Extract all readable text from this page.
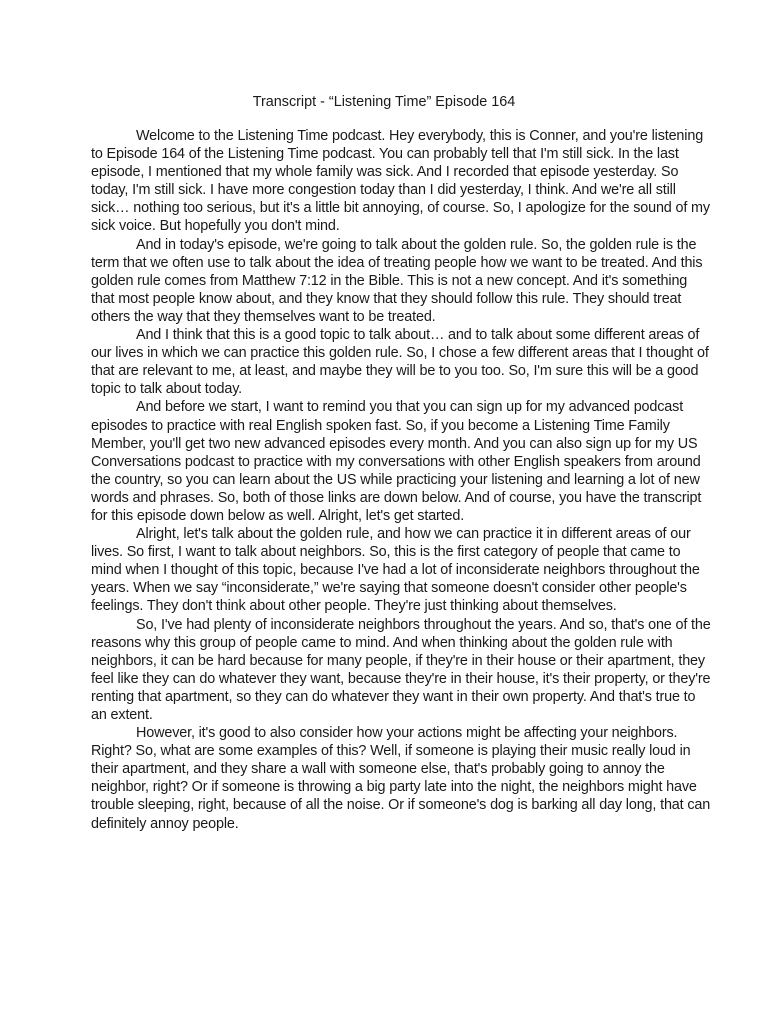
Transcript - “Listening Time” Episode 164

Welcome to the Listening Time podcast. Hey everybody, this is Conner, and you're listening to Episode 164 of the Listening Time podcast. You can probably tell that I'm still sick. In the last episode, I mentioned that my whole family was sick. And I recorded that episode yesterday. So today, I'm still sick. I have more congestion today than I did yesterday, I think. And we're all still sick… nothing too serious, but it's a little bit annoying, of course. So, I apologize for the sound of my sick voice. But hopefully you don't mind.

And in today's episode, we're going to talk about the golden rule. So, the golden rule is the term that we often use to talk about the idea of treating people how we want to be treated. And this golden rule comes from Matthew 7:12 in the Bible. This is not a new concept. And it's something that most people know about, and they know that they should follow this rule. They should treat others the way that they themselves want to be treated.

And I think that this is a good topic to talk about… and to talk about some different areas of our lives in which we can practice this golden rule. So, I chose a few different areas that I thought of that are relevant to me, at least, and maybe they will be to you too. So, I'm sure this will be a good topic to talk about today.

And before we start, I want to remind you that you can sign up for my advanced podcast episodes to practice with real English spoken fast. So, if you become a Listening Time Family Member, you'll get two new advanced episodes every month. And you can also sign up for my US Conversations podcast to practice with my conversations with other English speakers from around the country, so you can learn about the US while practicing your listening and learning a lot of new words and phrases. So, both of those links are down below. And of course, you have the transcript for this episode down below as well. Alright, let's get started.

Alright, let's talk about the golden rule, and how we can practice it in different areas of our lives. So first, I want to talk about neighbors. So, this is the first category of people that came to mind when I thought of this topic, because I've had a lot of inconsiderate neighbors throughout the years. When we say “inconsiderate,” we're saying that someone doesn't consider other people's feelings. They don't think about other people. They're just thinking about themselves.

So, I've had plenty of inconsiderate neighbors throughout the years. And so, that's one of the reasons why this group of people came to mind. And when thinking about the golden rule with neighbors, it can be hard because for many people, if they're in their house or their apartment, they feel like they can do whatever they want, because they're in their house, it's their property, or they're renting that apartment, so they can do whatever they want in their own property. And that's true to an extent.

However, it's good to also consider how your actions might be affecting your neighbors. Right? So, what are some examples of this? Well, if someone is playing their music really loud in their apartment, and they share a wall with someone else, that's probably going to annoy the neighbor, right? Or if someone is throwing a big party late into the night, the neighbors might have trouble sleeping, right, because of all the noise. Or if someone's dog is barking all day long, that can definitely annoy people.
